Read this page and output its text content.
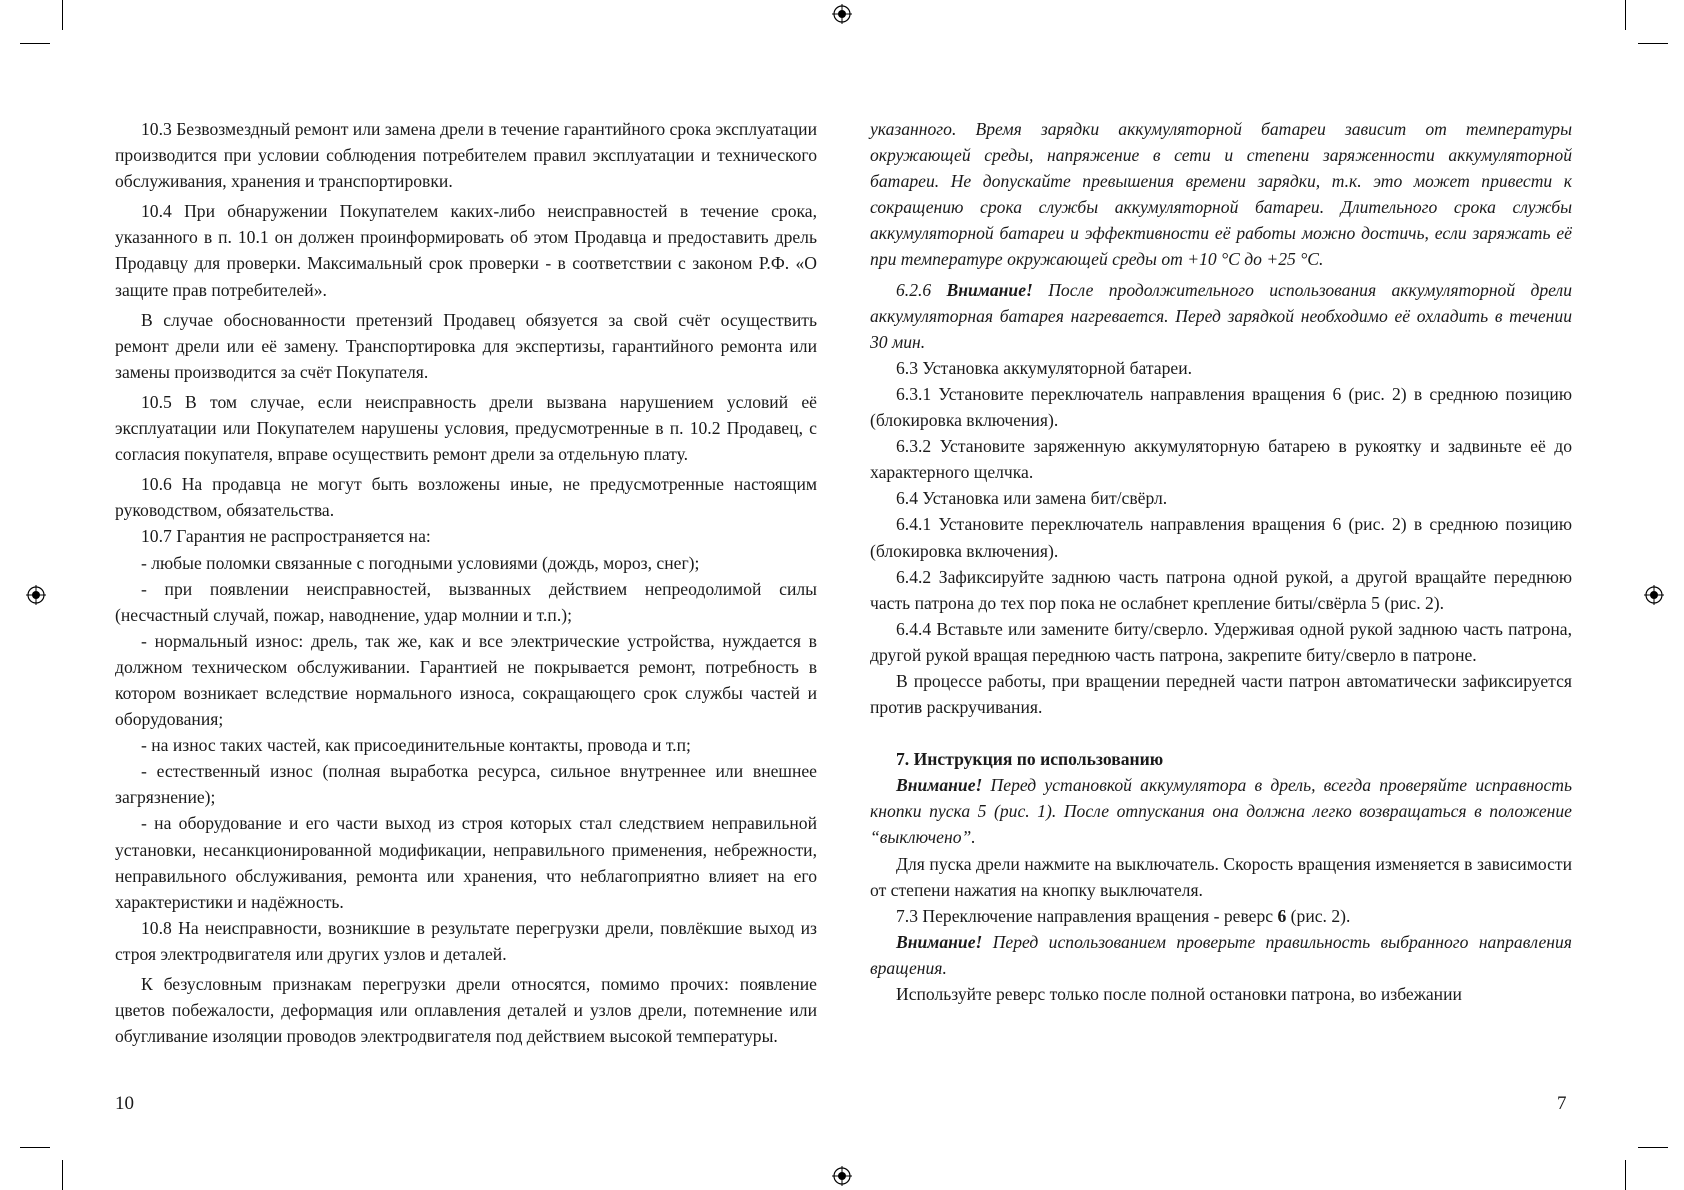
10.3 Безвозмездный ремонт или замена дрели в течение гарантийного срока эксплуатации производится при условии соблюдения потребителем правил эксплуатации и технического обслуживания, хранения и транспортировки.

10.4 При обнаружении Покупателем каких-либо неисправностей в течение срока, указанного в п. 10.1 он должен проинформировать об этом Продавца и предоставить дрель Продавцу для проверки. Максимальный срок проверки - в соответствии с законом Р.Ф. «О защите прав потребителей».

В случае обоснованности претензий Продавец обязуется за свой счёт осуществить ремонт дрели или её замену. Транспортировка для экспертизы, гарантийного ремонта или замены производится за счёт Покупателя.

10.5 В том случае, если неисправность дрели вызвана нарушением условий её эксплуатации или Покупателем нарушены условия, предусмотренные в п. 10.2 Продавец, с согласия покупателя, вправе осуществить ремонт дрели за отдельную плату.

10.6 На продавца не могут быть возложены иные, не предусмотренные настоящим руководством, обязательства.

10.7 Гарантия не распространяется на:

- любые поломки связанные с погодными условиями (дождь, мороз, снег);

- при появлении неисправностей, вызванных действием непреодолимой силы (несчастный случай, пожар, наводнение, удар молнии и т.п.);

- нормальный износ: дрель, так же, как и все электрические устройства, нуждается в должном техническом обслуживании. Гарантией не покрывается ремонт, потребность в котором возникает вследствие нормального износа, сокращающего срок службы частей и оборудования;

- на износ таких частей, как присоединительные контакты, провода и т.п;

- естественный износ (полная выработка ресурса, сильное внутреннее или внешнее загрязнение);

- на оборудование и его части выход из строя которых стал следствием неправильной установки, несанкционированной модификации, неправильного применения, небрежности, неправильного обслуживания, ремонта или хранения, что неблагоприятно влияет на его характеристики и надёжность.

10.8 На неисправности, возникшие в результате перегрузки дрели, повлёкшие выход из строя электродвигателя или других узлов и деталей.

К безусловным признакам перегрузки дрели относятся, помимо прочих: появление цветов побежалости, деформация или оплавления деталей и узлов дрели, потемнение или обугливание изоляции проводов электродвигателя под действием высокой температуры.

10

указанного. Время зарядки аккумуляторной батареи зависит от температуры окружающей среды, напряжение в сети и степени заряженности аккумуляторной батареи. Не допускайте превышения времени зарядки, т.к. это может привести к сокращению срока службы аккумуляторной батареи. Длительного срока службы аккумуляторной батареи и эффективности её работы можно достичь, если заряжать её при температуре окружающей среды от +10 °C до +25 °C.

6.2.6 Внимание! После продолжительного использования аккумуляторной дрели аккумуляторная батарея нагревается. Перед зарядкой необходимо её охладить в течении 30 мин.

6.3 Установка аккумуляторной батареи.

6.3.1 Установите переключатель направления вращения 6 (рис. 2) в среднюю позицию (блокировка включения).

6.3.2 Установите заряженную аккумуляторную батарею в рукоятку и задвиньте её до характерного щелчка.

6.4 Установка или замена бит/свёрл.

6.4.1 Установите переключатель направления вращения 6 (рис. 2) в среднюю позицию (блокировка включения).

6.4.2 Зафиксируйте заднюю часть патрона одной рукой, а другой вращайте переднюю часть патрона до тех пор пока не ослабнет крепление биты/свёрла 5 (рис. 2).

6.4.4 Вставьте или замените биту/сверло. Удерживая одной рукой заднюю часть патрона, другой рукой вращая переднюю часть патрона, закрепите биту/сверло в патроне.

В процессе работы, при вращении передней части патрон автоматически зафиксируется против раскручивания.

7. Инструкция по использованию

Внимание! Перед установкой аккумулятора в дрель, всегда проверяйте исправность кнопки пуска 5 (рис. 1). После отпускания она должна легко возвращаться в положение “выключено”.

Для пуска дрели нажмите на выключатель. Скорость вращения изменяется в зависимости от степени нажатия на кнопку выключателя.

7.3 Переключение направления вращения - реверс 6 (рис. 2).

Внимание! Перед использованием проверьте правильность выбранного направления вращения.

Используйте реверс только после полной остановки патрона, во избежании

7
